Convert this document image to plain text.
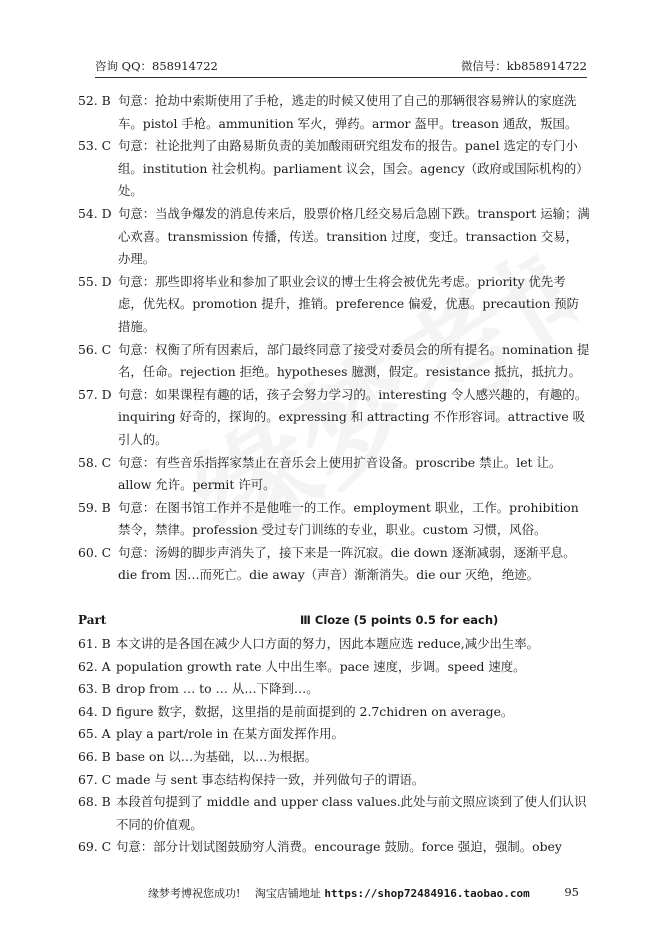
咨询 QQ：858914722	微信号：kb858914722
52. B 句意：抢劫中索斯使用了手枪，逃走的时候又使用了自己的那辆很容易辨认的家庭洗车。pistol 手枪。ammunition 军火，弹药。armor 盔甲。treason 通敌，叛国。
53. C 句意：社论批判了由路易斯负责的美加酸雨研究组发布的报告。panel 选定的专门小组。institution 社会机构。parliament 议会，国会。agency（政府或国际机构的）处。
54. D 句意：当战争爆发的消息传来后，股票价格几经交易后急剧下跌。transport 运输；满心欢喜。transmission 传播，传送。transition 过度，变迁。transaction 交易，办理。
55. D 句意：那些即将毕业和参加了职业会议的博士生将会被优先考虑。priority 优先考虑，优先权。promotion 提升，推销。preference 偏爱，优惠。precaution 预防措施。
56. C 句意：权衡了所有因素后，部门最终同意了接受对委员会的所有提名。nomination 提名，任命。rejection 拒绝。hypotheses 臆测，假定。resistance 抵抗，抵抗力。
57. D 句意：如果课程有趣的话，孩子会努力学习的。interesting 令人感兴趣的，有趣的。inquiring 好奇的，探询的。expressing 和 attracting 不作形容词。attractive 吸引人的。
58. C 句意：有些音乐指挥家禁止在音乐会上使用扩音设备。proscribe 禁止。let 让。allow 允许。permit 许可。
59. B 句意：在图书馆工作并不是他唯一的工作。employment 职业，工作。prohibition 禁令，禁律。profession 受过专门训练的专业，职业。custom 习惯，风俗。
60. C 句意：汤姆的脚步声消失了，接下来是一阵沉寂。die down 逐渐减弱，逐渐平息。die from 因…而死亡。die away（声音）渐渐消失。die our 灭绝，绝迹。
Part	Ⅲ Cloze (5 points 0.5 for each)
61. B 本文讲的是各国在减少人口方面的努力，因此本题应选 reduce,减少出生率。
62. A population growth rate 人中出生率。pace 速度，步调。speed 速度。
63. B drop from … to … 从…下降到…。
64. D figure 数字，数据，这里指的是前面提到的 2.7chidren on average。
65. A play a part/role in 在某方面发挥作用。
66. B base on 以…为基础，以…为根据。
67. C made 与 sent 事态结构保持一致，并列做句子的谓语。
68. B 本段首句提到了 middle and upper class values.此处与前文照应谈到了使人们认识不同的价值观。
69. C 句意：部分计划试图鼓励穷人消费。encourage 鼓励。force 强迫，强制。obey
缘梦考博祝您成功!　 淘宝店铺地址 https://shop72484916.taobao.com	95
